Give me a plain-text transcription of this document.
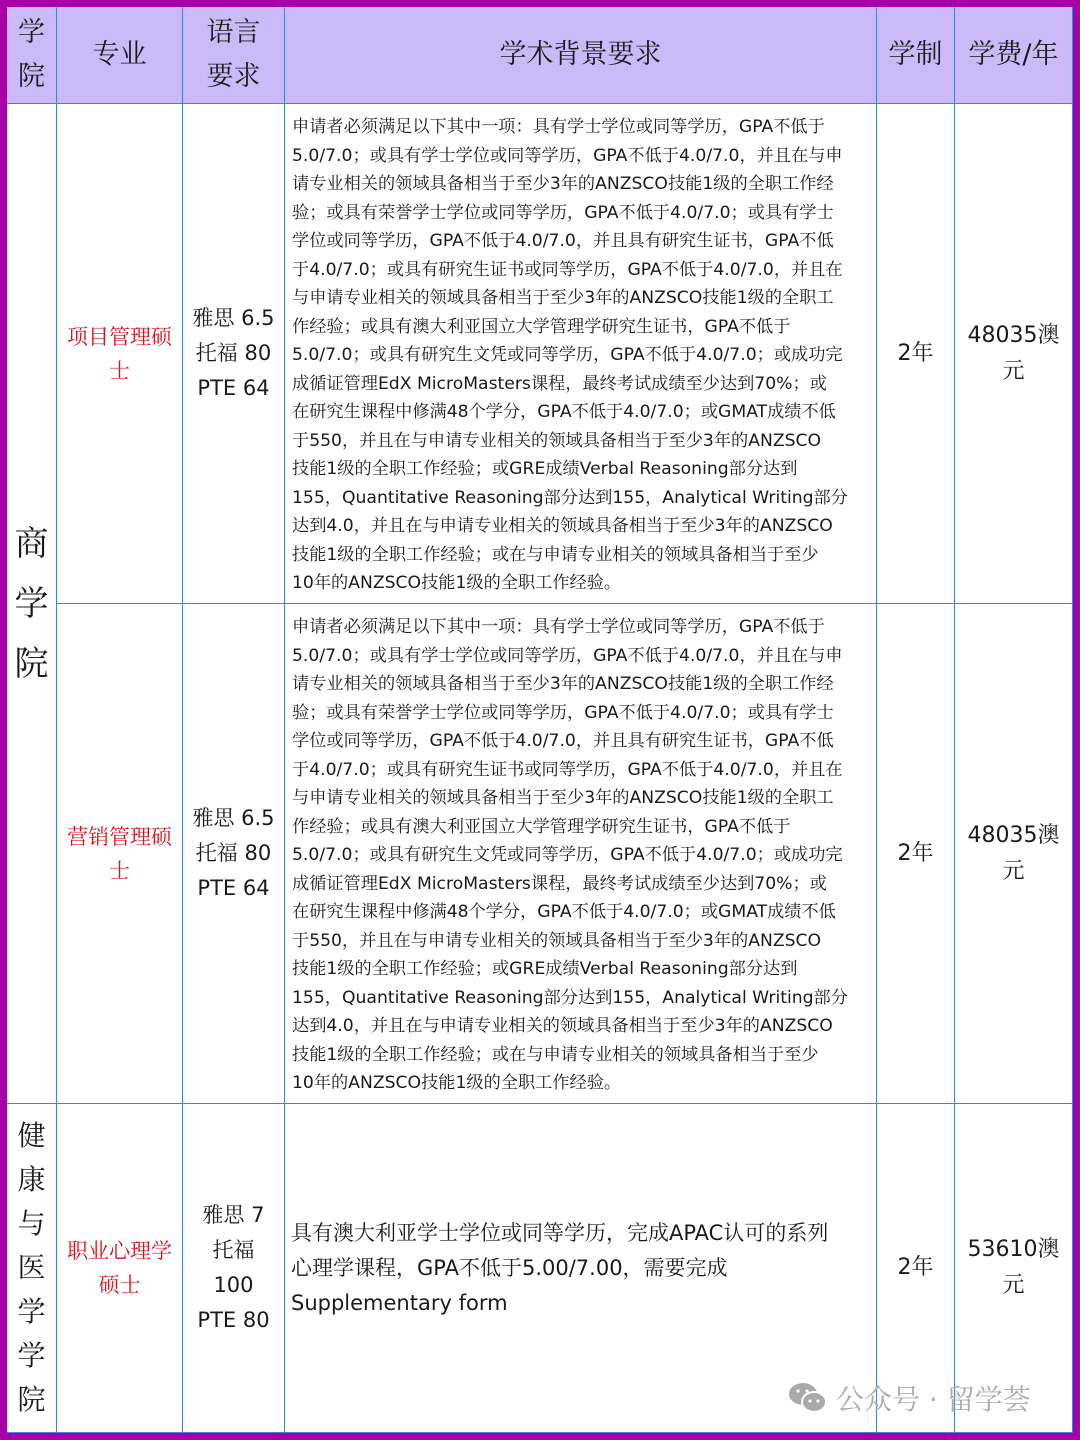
学院
专业
语言要求
学术背景要求	学制 学费/年
商学院
健康与医学学院
项目管理硕士
雅思 6.5
托福 80
PTE 64
申请者必须满足以下其中一项：具有学士学位或同等学历，GPA不低于
5.0/7.0；或具有学士学位或同等学历，GPA不低于4.0/7.0，并且在与申
请专业相关的领域具备相当于至少3年的ANZSCO技能1级的全职工作经
验；或具有荣誉学士学位或同等学历，GPA不低于4.0/7.0；或具有学士
学位或同等学历，GPA不低于4.0/7.0，并且具有研究生证书，GPA不低
于4.0/7.0；或具有研究生证书或同等学历，GPA不低于4.0/7.0，并且在
与申请专业相关的领域具备相当于至少3年的ANZSCO技能1级的全职工
作经验；或具有澳大利亚国立大学管理学研究生证书，GPA不低于
5.0/7.0；或具有研究生文凭或同等学历，GPA不低于4.0/7.0；或成功完
成循证管理EdX MicroMasters课程，最终考试成绩至少达到70%；或
在研究生课程中修满48个学分，GPA不低于4.0/7.0；或GMAT成绩不低
于550，并且在与申请专业相关的领域具备相当于至少3年的ANZSCO
技能1级的全职工作经验；或GRE成绩Verbal Reasoning部分达到
155，Quantitative Reasoning部分达到155，Analytical Writing部分
达到4.0，并且在与申请专业相关的领域具备相当于至少3年的ANZSCO
技能1级的全职工作经验；或在与申请专业相关的领域具备相当于至少
10年的ANZSCO技能1级的全职工作经验。
2年
48035澳元
营销管理硕士
雅思 6.5
托福 80
PTE 64
申请者必须满足以下其中一项：具有学士学位或同等学历，GPA不低于
5.0/7.0；或具有学士学位或同等学历，GPA不低于4.0/7.0，并且在与申
请专业相关的领域具备相当于至少3年的ANZSCO技能1级的全职工作经
验；或具有荣誉学士学位或同等学历，GPA不低于4.0/7.0；或具有学士
学位或同等学历，GPA不低于4.0/7.0，并且具有研究生证书，GPA不低
于4.0/7.0；或具有研究生证书或同等学历，GPA不低于4.0/7.0，并且在
与申请专业相关的领域具备相当于至少3年的ANZSCO技能1级的全职工
作经验；或具有澳大利亚国立大学管理学研究生证书，GPA不低于
5.0/7.0；或具有研究生文凭或同等学历，GPA不低于4.0/7.0；或成功完
成循证管理EdX MicroMasters课程，最终考试成绩至少达到70%；或
在研究生课程中修满48个学分，GPA不低于4.0/7.0；或GMAT成绩不低
于550，并且在与申请专业相关的领域具备相当于至少3年的ANZSCO
技能1级的全职工作经验；或GRE成绩Verbal Reasoning部分达到
155，Quantitative Reasoning部分达到155，Analytical Writing部分
达到4.0，并且在与申请专业相关的领域具备相当于至少3年的ANZSCO
技能1级的全职工作经验；或在与申请专业相关的领域具备相当于至少
10年的ANZSCO技能1级的全职工作经验。
2年
48035澳元
职业心理学硕士
雅思 7
托福
100
PTE 80
具有澳大利亚学士学位或同等学历，完成APAC认可的系列
心理学课程，GPA不低于5.00/7.00，需要完成
Supplementary form
2年
53610澳元
公众号 · 留学荟
